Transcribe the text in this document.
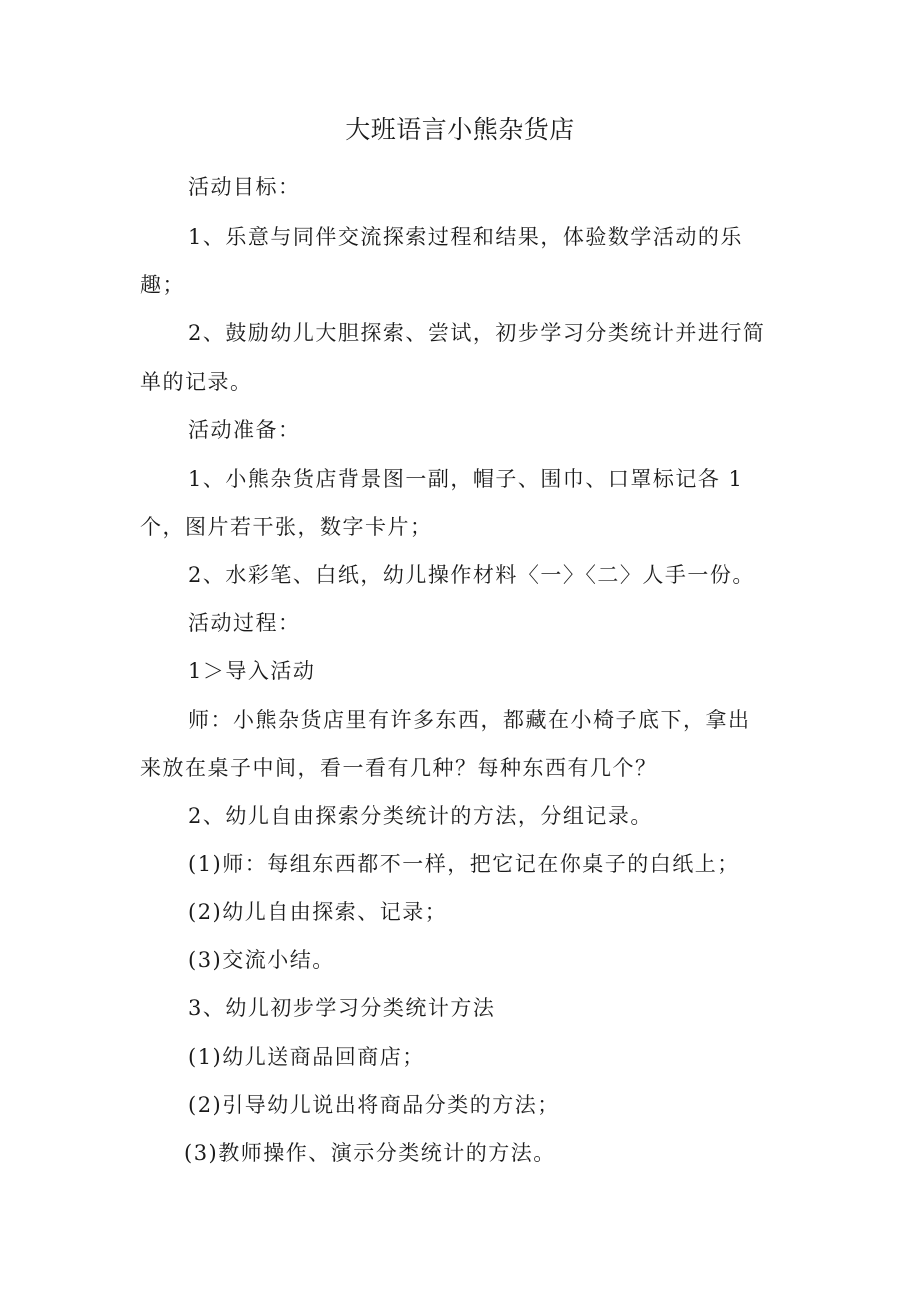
大班语言小熊杂货店
活动目标：
1、乐意与同伴交流探索过程和结果，体验数学活动的乐
趣；
2、鼓励幼儿大胆探索、尝试，初步学习分类统计并进行简
单的记录。
活动准备：
1、小熊杂货店背景图一副，帽子、围巾、口罩标记各 1
个，图片若干张，数字卡片；
2、水彩笔、白纸，幼儿操作材料〈一〉〈二〉人手一份。
活动过程：
1＞导入活动
师：小熊杂货店里有许多东西，都藏在小椅子底下，拿出
来放在桌子中间，看一看有几种？每种东西有几个？
2、幼儿自由探索分类统计的方法，分组记录。
(1)师：每组东西都不一样，把它记在你桌子的白纸上；
(2)幼儿自由探索、记录；
(3)交流小结。
3、幼儿初步学习分类统计方法
(1)幼儿送商品回商店；
(2)引导幼儿说出将商品分类的方法；
(3)教师操作、演示分类统计的方法。
